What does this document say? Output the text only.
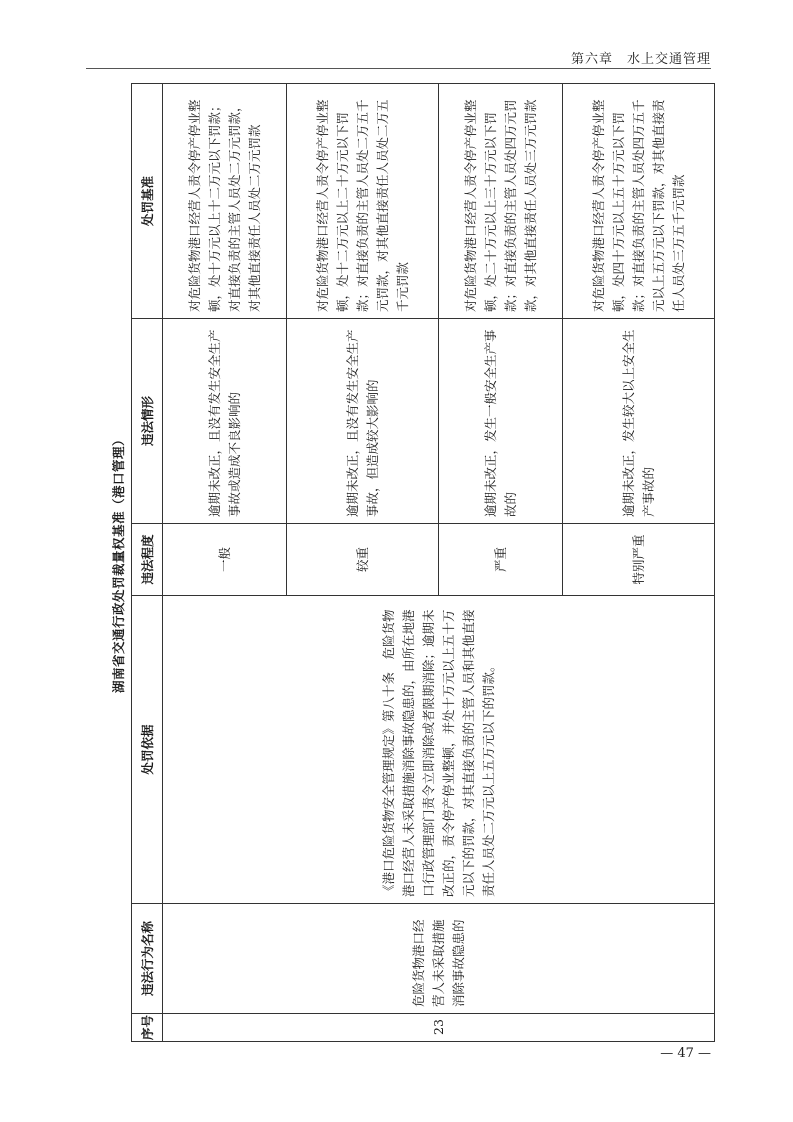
第六章 水上交通管理
湖南省交通行政处罚裁量权基准（港口管理）
序号	违法行为名称	处罚依据	违法程度	违法情形	处罚基准
23	危险货物港口经营人未采取措施消除事故隐患的	《港口危险货物安全管理规定》第八十条　危险货物港口经营人未采取措施消除事故隐患的，由所在地港口行政管理部门责令立即消除或者限期消除；逾期未改正的，责令停产停业整顿，并处十万元以上五十万元以下的罚款，对其直接负责的主管人员和其他直接责任人员处二万元以上五万元以下的罚款。	一般	逾期未改正，且没有发生安全生产事故或造成不良影响的	对危险货物港口经营人责令停产停业整顿，处十万元以上十二万元以下罚款；对直接负责的主管人员处二万元罚款，对其他直接责任人员处二万元罚款
			较重	逾期未改正，且没有发生安全生产事故，但造成较大影响的	对危险货物港口经营人责令停产停业整顿，处十二万元以上二十万元以下罚款；对直接负责的主管人员处二万五千元罚款，对其他直接责任人员处二万五千元罚款
			严重	逾期未改正，发生一般安全生产事故的	对危险货物港口经营人责令停产停业整顿，处二十万元以上三十万元以下罚款；对直接负责的主管人员处四万元罚款，对其他直接责任人员处三万元罚款
			特别严重	逾期未改正，发生较大以上安全生产事故的	对危险货物港口经营人责令停产停业整顿，处四十万元以上五十万元以下罚款；对直接负责的主管人员处四万五千元以上五万元以下罚款，对其他直接责任人员处三万五千元罚款
— 47 —
